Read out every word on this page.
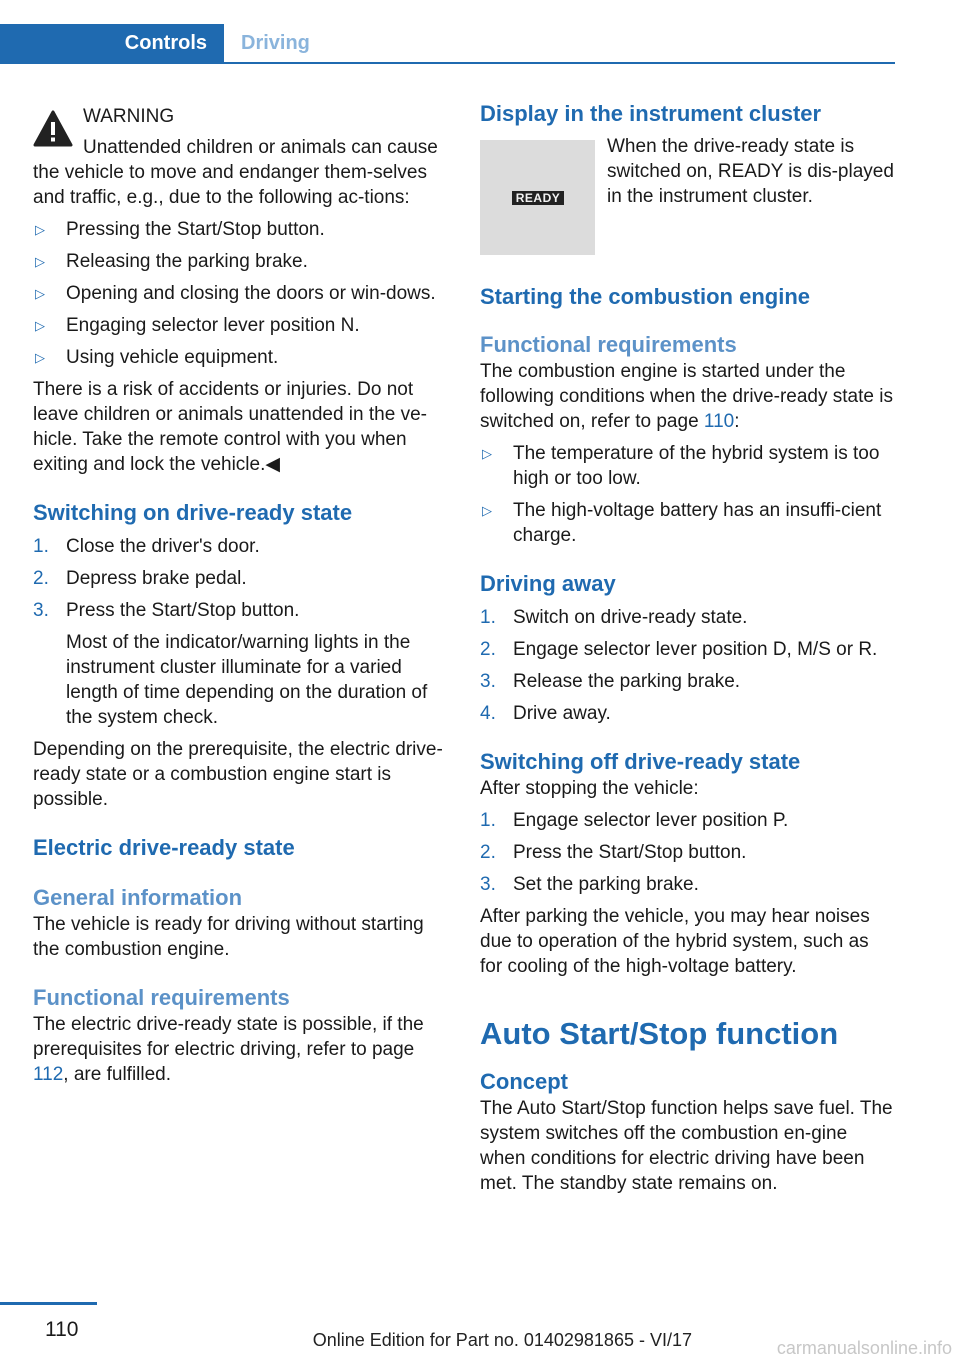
Controls	Driving
WARNING

Unattended children or animals can cause the vehicle to move and endanger them‐selves and traffic, e.g., due to the following ac‐tions:

▷ Pressing the Start/Stop button.
▷ Releasing the parking brake.
▷ Opening and closing the doors or win‐dows.
▷ Engaging selector lever position N.
▷ Using vehicle equipment.

There is a risk of accidents or injuries. Do not leave children or animals unattended in the ve‐hicle. Take the remote control with you when exiting and lock the vehicle.◀

Switching on drive-ready state
1. Close the driver's door.
2. Depress brake pedal.
3. Press the Start/Stop button.
Most of the indicator/warning lights in the instrument cluster illuminate for a varied length of time depending on the duration of the system check.

Depending on the prerequisite, the electric drive-ready state or a combustion engine start is possible.

Electric drive-ready state
General information

The vehicle is ready for driving without starting the combustion engine.

Functional requirements

The electric drive-ready state is possible, if the prerequisites for electric driving, refer to page 112, are fulfilled.

Display in the instrument cluster
READY

When the drive-ready state is switched on, READY is dis‐played in the instrument cluster.

Starting the combustion engine
Functional requirements

The combustion engine is started under the following conditions when the drive-ready state is switched on, refer to page 110:

▷ The temperature of the hybrid system is too high or too low.
▷ The high-voltage battery has an insuffi‐cient charge.
Driving away
1. Switch on drive-ready state.
2. Engage selector lever position D, M/S or R.
3. Release the parking brake.
4. Drive away.
Switching off drive-ready state

After stopping the vehicle:

1. Engage selector lever position P.
2. Press the Start/Stop button.
3. Set the parking brake.

After parking the vehicle, you may hear noises due to operation of the hybrid system, such as for cooling of the high-voltage battery.

Auto Start/Stop function
Concept

The Auto Start/Stop function helps save fuel. The system switches off the combustion en‐gine when conditions for electric driving have been met. The standby state remains on.

110	Online Edition for Part no. 01402981865 - VI/17	carmanualsonline.info
